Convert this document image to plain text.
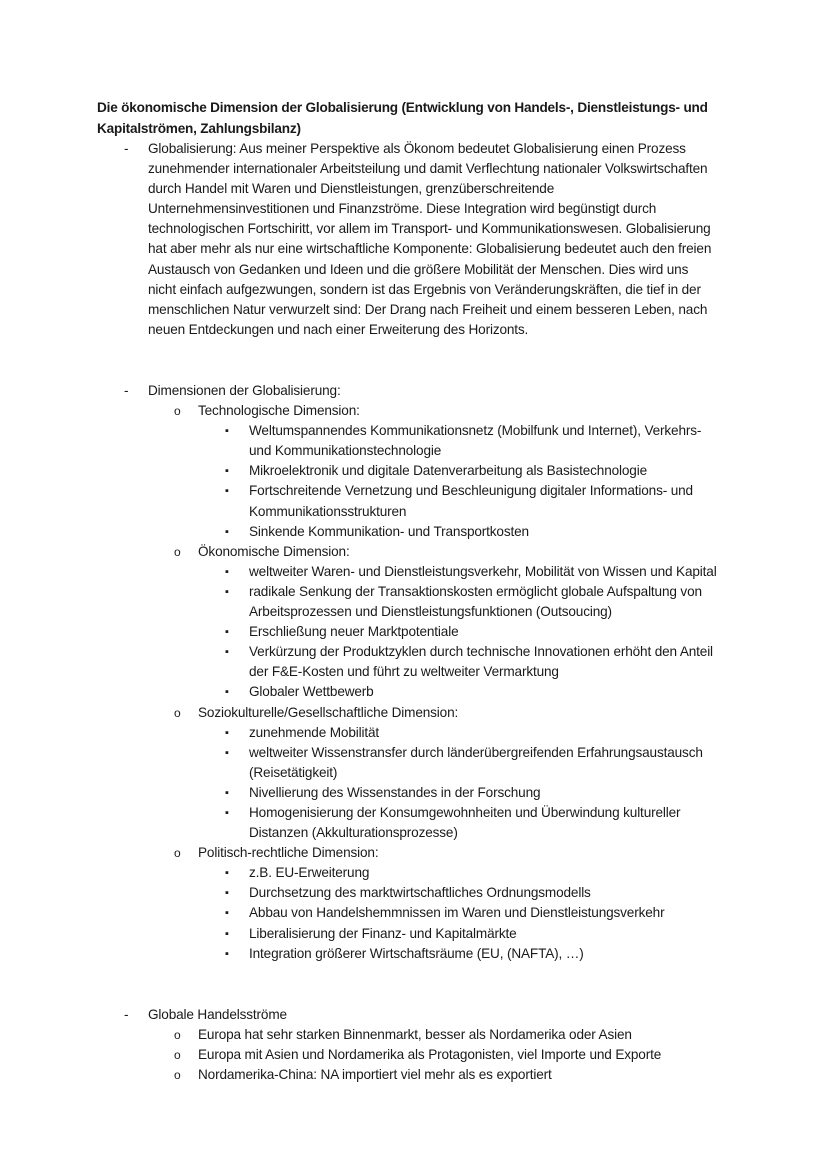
Die ökonomische Dimension der Globalisierung (Entwicklung von Handels-, Dienstleistungs- und Kapitalströmen, Zahlungsbilanz)
- Globalisierung: Aus meiner Perspektive als Ökonom bedeutet Globalisierung einen Prozess zunehmender internationaler Arbeitsteilung und damit Verflechtung nationaler Volkswirtschaften durch Handel mit Waren und Dienstleistungen, grenzüberschreitende Unternehmensinvestitionen und Finanzströme. Diese Integration wird begünstigt durch technologischen Fortschiritt, vor allem im Transport- und Kommunikationswesen. Globalisierung hat aber mehr als nur eine wirtschaftliche Komponente: Globalisierung bedeutet auch den freien Austausch von Gedanken und Ideen und die größere Mobilität der Menschen. Dies wird uns nicht einfach aufgezwungen, sondern ist das Ergebnis von Veränderungskräften, die tief in der menschlichen Natur verwurzelt sind: Der Drang nach Freiheit und einem besseren Leben, nach neuen Entdeckungen und nach einer Erweiterung des Horizonts.
- Dimensionen der Globalisierung:
o Technologische Dimension:
▪ Weltumspannendes Kommunikationsnetz (Mobilfunk und Internet), Verkehrs- und Kommunikationstechnologie
▪ Mikroelektronik und digitale Datenverarbeitung als Basistechnologie
▪ Fortschreitende Vernetzung und Beschleunigung digitaler Informations- und Kommunikationsstrukturen
▪ Sinkende Kommunikation- und Transportkosten
o Ökonomische Dimension:
▪ weltweiter Waren- und Dienstleistungsverkehr, Mobilität von Wissen und Kapital
▪ radikale Senkung der Transaktionskosten ermöglicht globale Aufspaltung von Arbeitsprozessen und Dienstleistungsfunktionen (Outsoucing)
▪ Erschließung neuer Marktpotentiale
▪ Verkürzung der Produktzyklen durch technische Innovationen erhöht den Anteil der F&E-Kosten und führt zu weltweiter Vermarktung
▪ Globaler Wettbewerb
o Soziokulturelle/Gesellschaftliche Dimension:
▪ zunehmende Mobilität
▪ weltweiter Wissenstransfer durch länderübergreifenden Erfahrungsaustausch (Reisetätigkeit)
▪ Nivellierung des Wissenstandes in der Forschung
▪ Homogenisierung der Konsumgewohnheiten und Überwindung kultureller Distanzen (Akkulturationsprozesse)
o Politisch-rechtliche Dimension:
▪ z.B. EU-Erweiterung
▪ Durchsetzung des marktwirtschaftliches Ordnungsmodells
▪ Abbau von Handelshemmnissen im Waren und Dienstleistungsverkehr
▪ Liberalisierung der Finanz- und Kapitalmärkte
▪ Integration größerer Wirtschaftsräume (EU, (NAFTA), …)
- Globale Handelsströme
o Europa hat sehr starken Binnenmarkt, besser als Nordamerika oder Asien
o Europa mit Asien und Nordamerika als Protagonisten, viel Importe und Exporte
o Nordamerika-China: NA importiert viel mehr als es exportiert
